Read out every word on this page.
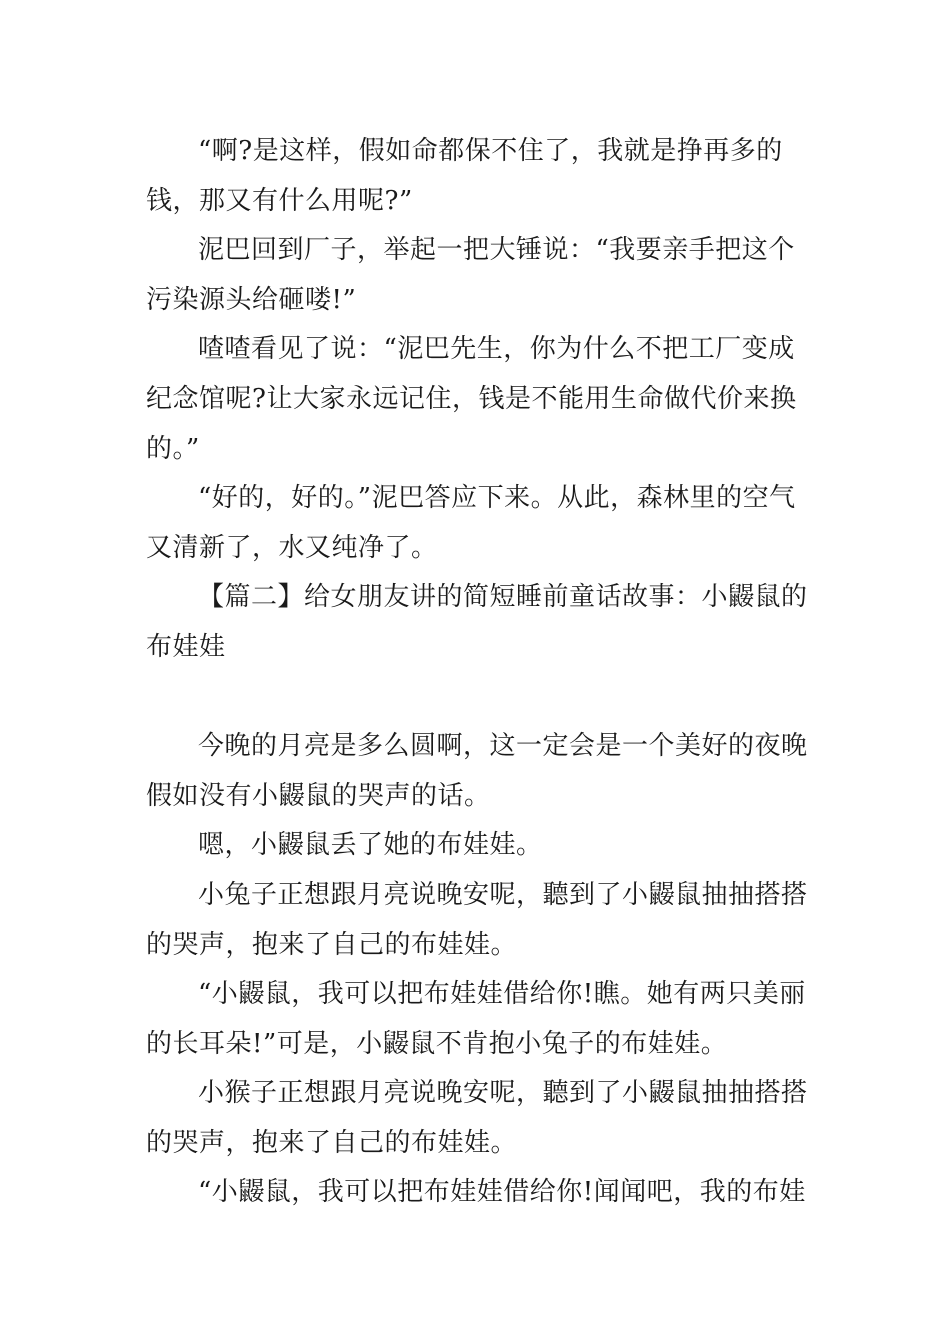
“啊?是这样，假如命都保不住了，我就是挣再多的钱，那又有什么用呢?”

泥巴回到厂子，举起一把大锤说：“我要亲手把这个污染源头给砸喽!”

喳喳看见了说：“泥巴先生，你为什么不把工厂变成纪念馆呢?让大家永远记住，钱是不能用生命做代价来换的。”

“好的，好的。”泥巴答应下来。从此，森林里的空气又清新了，水又纯净了。

【篇二】给女朋友讲的简短睡前童话故事：小鼹鼠的布娃娃

今晚的月亮是多么圆啊，这一定会是一个美好的夜晚假如没有小鼹鼠的哭声的话。

嗯，小鼹鼠丢了她的布娃娃。

小兔子正想跟月亮说晚安呢，聽到了小鼹鼠抽抽搭搭的哭声，抱来了自己的布娃娃。

“小鼹鼠，我可以把布娃娃借给你!瞧。她有两只美丽的长耳朵!”可是，小鼹鼠不肯抱小兔子的布娃娃。

小猴子正想跟月亮说晚安呢，聽到了小鼹鼠抽抽搭搭的哭声，抱来了自己的布娃娃。

“小鼹鼠，我可以把布娃娃借给你!闻闻吧，我的布娃
